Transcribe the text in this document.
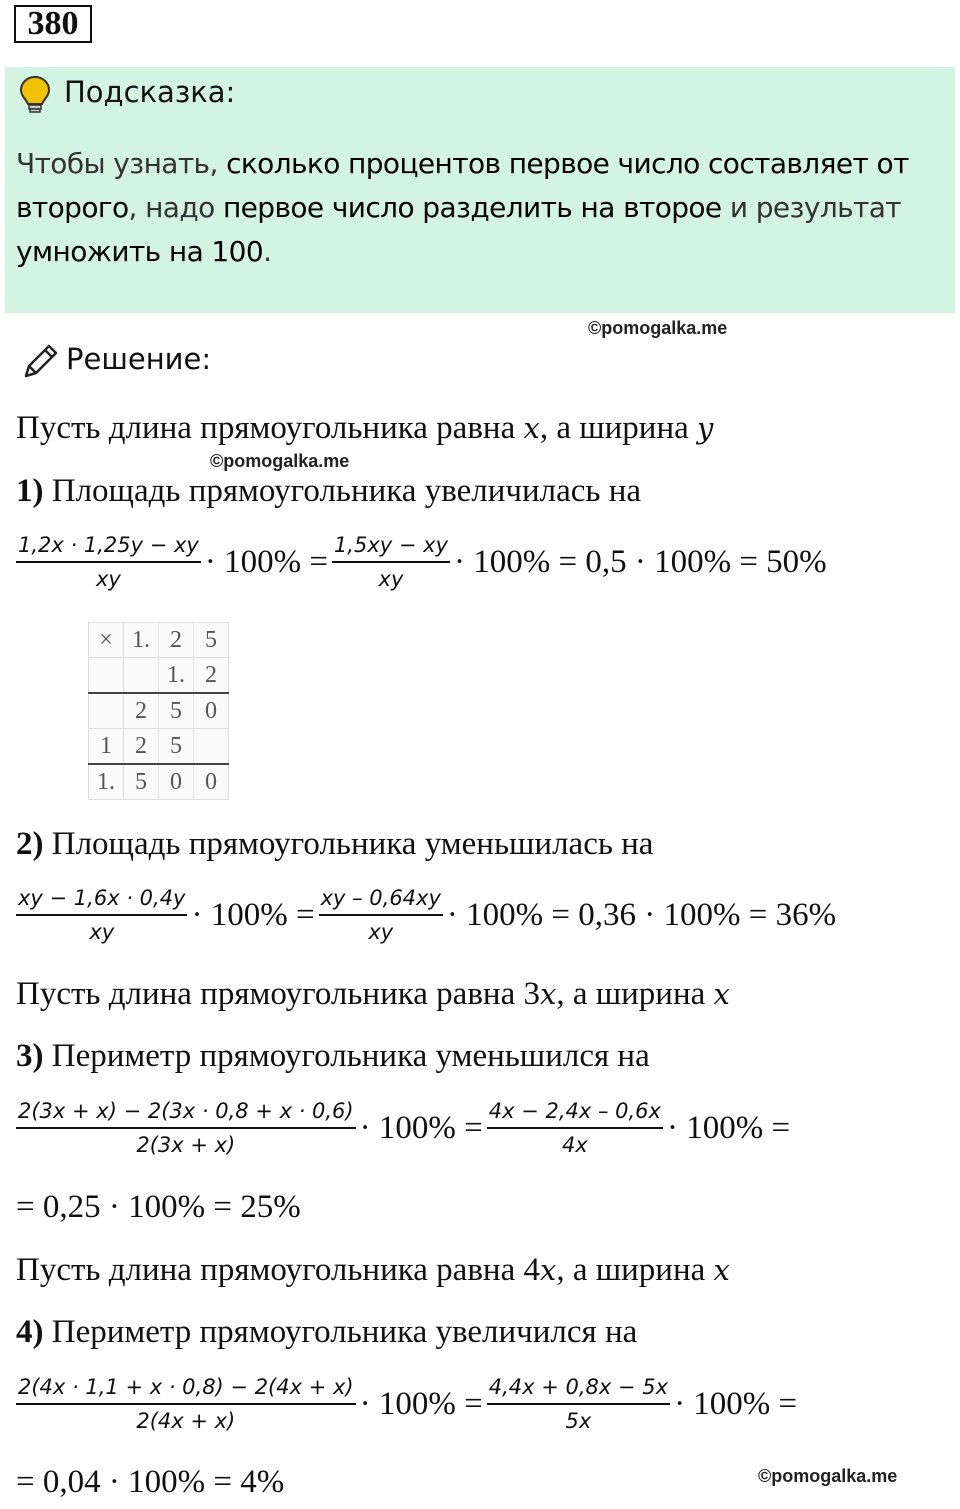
380
Подсказка:
Чтобы узнать, сколько процентов первое число составляет от второго, надо первое число разделить на второе и результат умножить на 100.
©pomogalka.me
©pomogalka.me
©pomogalka.me
Решение:
Пусть длина прямоугольника равна x, а ширина y
1) Площадь прямоугольника увеличилась на
$\frac{1,2x \cdot 1,25y - xy}{xy} \cdot 100\% = \frac{1,5xy - xy}{xy} \cdot 100\% = 0,5 \cdot 100\% = 50\%$
×	1.	2	5
		1.	2
	2	5	0
1	2	5	
1.	5	0	0
2) Площадь прямоугольника уменьшилась на
$\frac{xy - 1,6x \cdot 0,4y}{xy} \cdot 100\% = \frac{xy - 0,64xy}{xy} \cdot 100\% = 0,36 \cdot 100\% = 36\%$
Пусть длина прямоугольника равна 3x, а ширина x
3) Периметр прямоугольника уменьшился на
$\frac{2(3x + x) - 2(3x \cdot 0,8 + x \cdot 0,6)}{2(3x + x)} \cdot 100\% = \frac{4x - 2,4x - 0,6x}{4x} \cdot 100\%$ =
= 0,25 · 100% = 25%
Пусть длина прямоугольника равна 4x, а ширина x
4) Периметр прямоугольника увеличился на
$\frac{2(4x \cdot 1,1 + x \cdot 0,8) - 2(4x + x)}{2(4x + x)} \cdot 100\% = \frac{4,4x + 0,8x - 5x}{5x} \cdot 100\%$ =
= 0,04 · 100% = 4%
